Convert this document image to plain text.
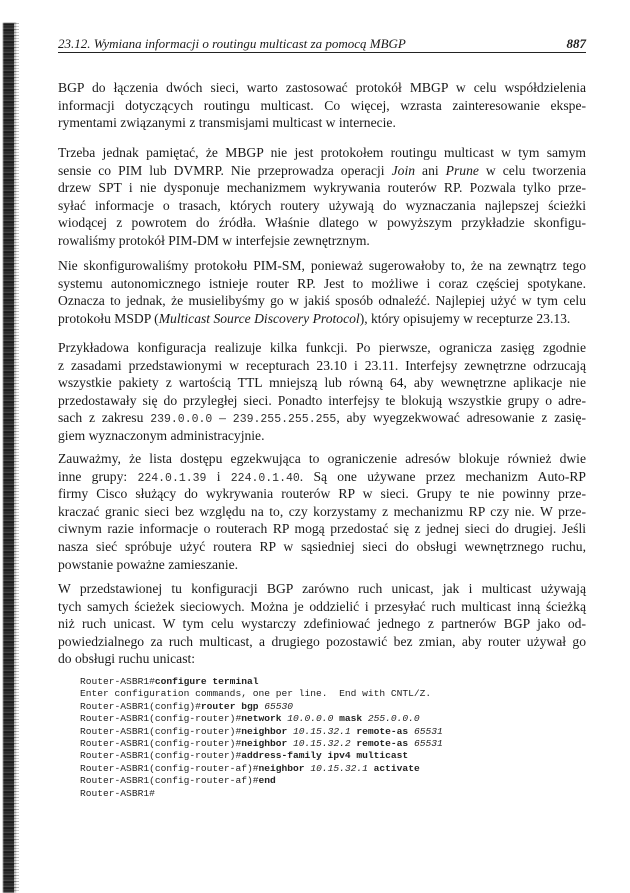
23.12. Wymiana informacji o routingu multicast za pomocą MBGP	887
BGP do łączenia dwóch sieci, warto zastosować protokół MBGP w celu współdzielenia
informacji dotyczących routingu multicast. Co więcej, wzrasta zainteresowanie ekspe-
rymentami związanymi z transmisjami multicast w internecie.
Trzeba jednak pamiętać, że MBGP nie jest protokołem routingu multicast w tym samym
sensie co PIM lub DVMRP. Nie przeprowadza operacji Join ani Prune w celu tworzenia
drzew SPT i nie dysponuje mechanizmem wykrywania routerów RP. Pozwala tylko prze-
syłać informacje o trasach, których routery używają do wyznaczania najlepszej ścieżki
wiodącej z powrotem do źródła. Właśnie dlatego w powyższym przykładzie skonfigu-
rowaliśmy protokół PIM-DM w interfejsie zewnętrznym.
Nie skonfigurowaliśmy protokołu PIM-SM, ponieważ sugerowałoby to, że na zewnątrz tego
systemu autonomicznego istnieje router RP. Jest to możliwe i coraz częściej spotykane.
Oznacza to jednak, że musielibyśmy go w jakiś sposób odnaleźć. Najlepiej użyć w tym celu
protokołu MSDP (Multicast Source Discovery Protocol), który opisujemy w recepturze 23.13.
Przykładowa konfiguracja realizuje kilka funkcji. Po pierwsze, ogranicza zasięg zgodnie
z zasadami przedstawionymi w recepturach 23.10 i 23.11. Interfejsy zewnętrzne odrzucają
wszystkie pakiety z wartością TTL mniejszą lub równą 64, aby wewnętrzne aplikacje nie
przedostawały się do przyległej sieci. Ponadto interfejsy te blokują wszystkie grupy o adre-
sach z zakresu 239.0.0.0 – 239.255.255.255, aby wyegzekwować adresowanie z zasię-
giem wyznaczonym administracyjnie.
Zauważmy, że lista dostępu egzekwująca to ograniczenie adresów blokuje również dwie
inne grupy: 224.0.1.39 i 224.0.1.40. Są one używane przez mechanizm Auto-RP
firmy Cisco służący do wykrywania routerów RP w sieci. Grupy te nie powinny prze-
kraczać granic sieci bez względu na to, czy korzystamy z mechanizmu RP czy nie. W prze-
ciwnym razie informacje o routerach RP mogą przedostać się z jednej sieci do drugiej. Jeśli
nasza sieć spróbuje użyć routera RP w sąsiedniej sieci do obsługi wewnętrznego ruchu,
powstanie poważne zamieszanie.
W przedstawionej tu konfiguracji BGP zarówno ruch unicast, jak i multicast używają
tych samych ścieżek sieciowych. Można je oddzielić i przesyłać ruch multicast inną ścieżką
niż ruch unicast. W tym celu wystarczy zdefiniować jednego z partnerów BGP jako od-
powiedzialnego za ruch multicast, a drugiego pozostawić bez zmian, aby router używał go
do obsługi ruchu unicast:
Router-ASBR1#configure terminal
Enter configuration commands, one per line.  End with CNTL/Z.
Router-ASBR1(config)#router bgp 65530
Router-ASBR1(config-router)#network 10.0.0.0 mask 255.0.0.0
Router-ASBR1(config-router)#neighbor 10.15.32.1 remote-as 65531
Router-ASBR1(config-router)#neighbor 10.15.32.2 remote-as 65531
Router-ASBR1(config-router)#address-family ipv4 multicast
Router-ASBR1(config-router-af)#neighbor 10.15.32.1 activate
Router-ASBR1(config-router-af)#end
Router-ASBR1#
